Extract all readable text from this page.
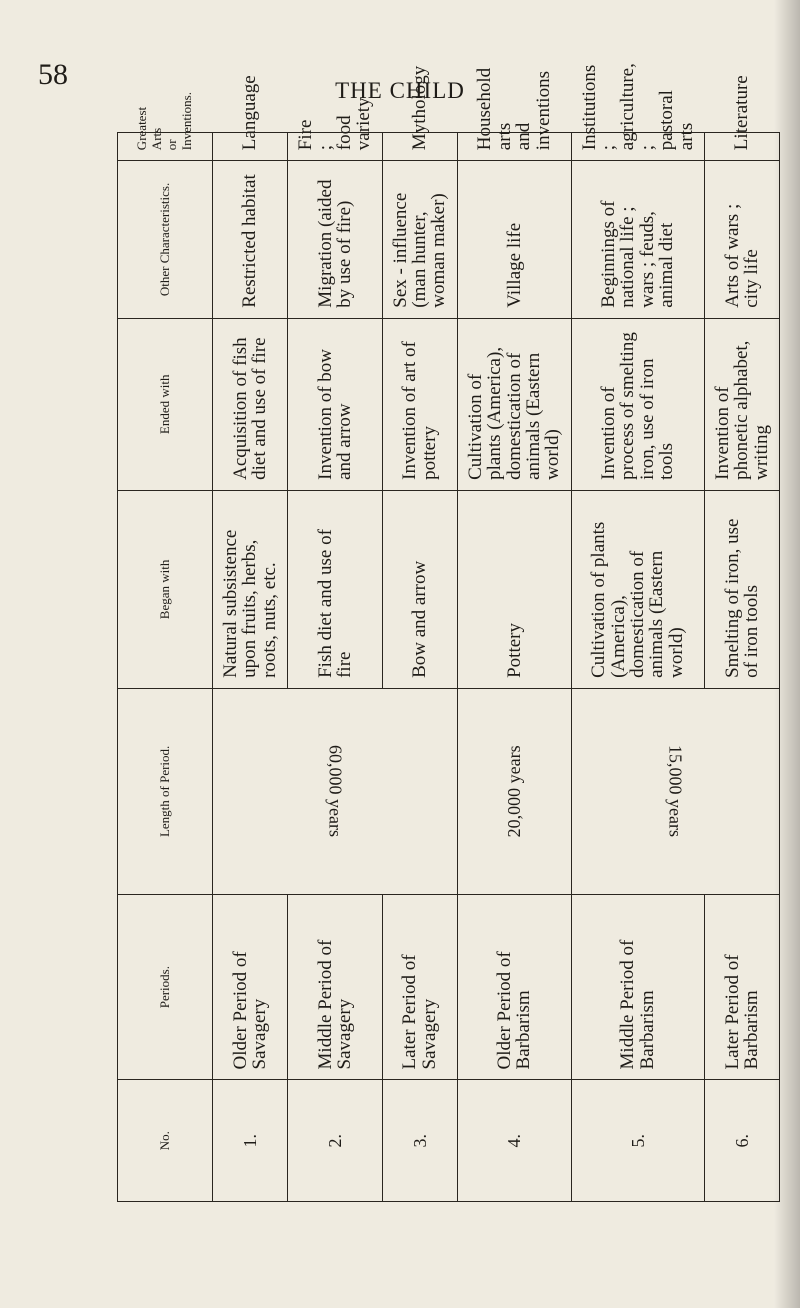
58	THE CHILD
No.	Periods.	Length of Period.	Began with	Ended with	Other Characteristics.	Greatest Arts or Inventions.
1.	Older Period of Savagery	60,000 years	Natural subsistence upon fruits, herbs, roots, nuts, etc.	Acquisition of fish diet and use of fire	Restricted habitat	Language
2.	Middle Period of Savagery		Fish diet and use of fire	Invention of bow and arrow	Migration (aided by use of fire)	Fire ; food variety
3.	Later Period of Savagery		Bow and arrow	Invention of art of pottery	Sex - influence (man hunter, woman maker)	Mythology
4.	Older Period of Barbarism	20,000 years	Pottery	Cultivation of plants (America), domestication of animals (Eastern world)	Village life	Household arts and inventions
5.	Middle Period of Barbarism	15,000 years	Cultivation of plants (America), domestication of animals (Eastern world)	Invention of process of smelting iron, use of iron tools	Beginnings of national life ; wars ; feuds, animal diet	Institutions ; agriculture, ; pastoral arts
6.	Later Period of Barbarism		Smelting of iron, use of iron tools	Invention of phonetic alphabet, writing	Arts of wars ; city life	Literature
